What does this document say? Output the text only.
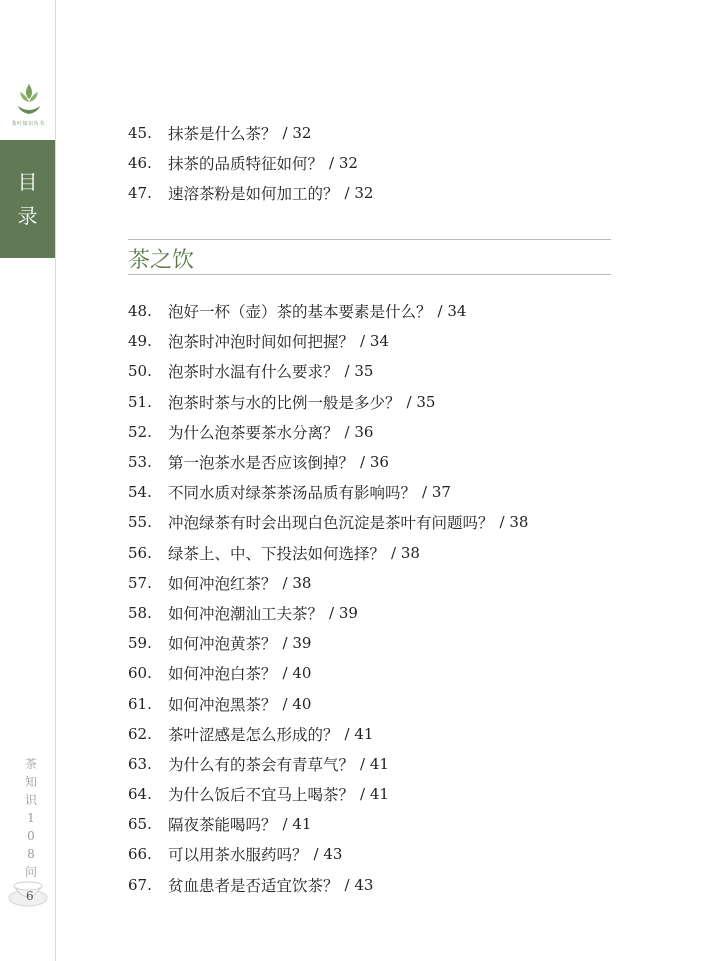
茶叶知识丛书
目
录
茶
知
识
1
0
8
问
6
45.	抹茶是什么茶？ / 32
46.	抹茶的品质特征如何？ / 32
47.	速溶茶粉是如何加工的？ / 32
茶之饮
48.	泡好一杯（壶）茶的基本要素是什么？ / 34
49.	泡茶时冲泡时间如何把握？ / 34
50.	泡茶时水温有什么要求？ / 35
51.	泡茶时茶与水的比例一般是多少？ / 35
52.	为什么泡茶要茶水分离？ / 36
53.	第一泡茶水是否应该倒掉？ / 36
54.	不同水质对绿茶茶汤品质有影响吗？ / 37
55.	冲泡绿茶有时会出现白色沉淀是茶叶有问题吗？ / 38
56.	绿茶上、中、下投法如何选择？ / 38
57.	如何冲泡红茶？ / 38
58.	如何冲泡潮汕工夫茶？ / 39
59.	如何冲泡黄茶？ / 39
60.	如何冲泡白茶？ / 40
61.	如何冲泡黑茶？ / 40
62.	茶叶涩感是怎么形成的？ / 41
63.	为什么有的茶会有青草气？ / 41
64.	为什么饭后不宜马上喝茶？ / 41
65.	隔夜茶能喝吗？ / 41
66.	可以用茶水服药吗？ / 43
67.	贫血患者是否适宜饮茶？ / 43
